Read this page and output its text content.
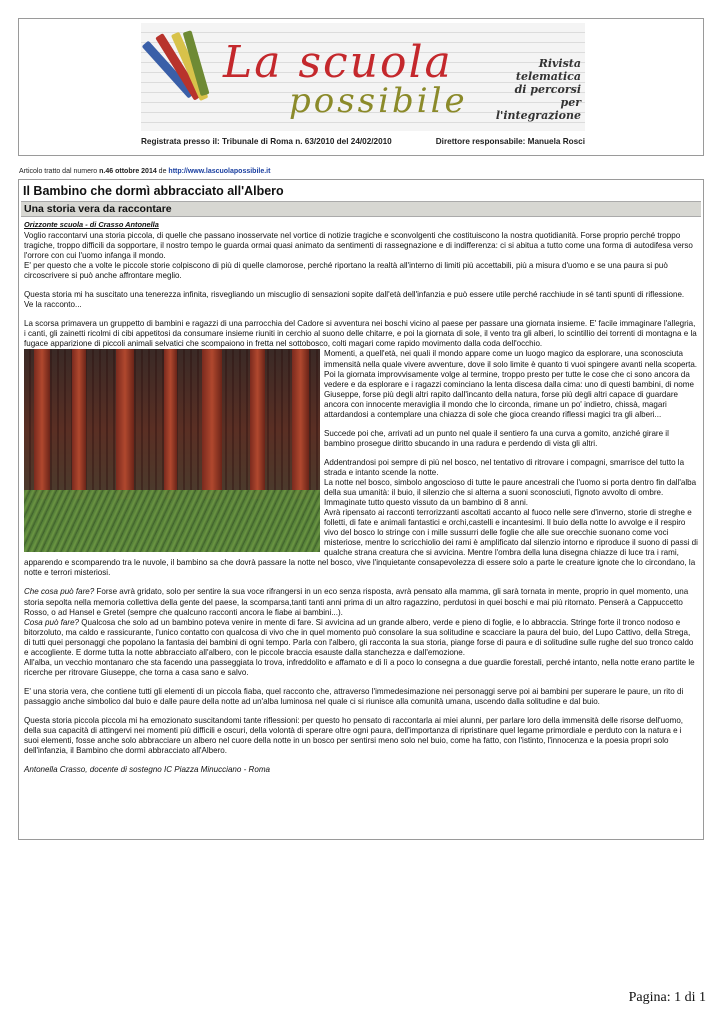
La scuola
possibile
Rivista
telematica
di percorsi
per l'integrazione
Registrata presso il: Tribunale di Roma n. 63/2010 del 24/02/2010	Direttore responsabile: Manuela Rosci
Articolo tratto dal numero n.46 ottobre 2014 de http://www.lascuolapossibile.it
Il Bambino che dormì abbracciato all'Albero
Una storia vera da raccontare
Orizzonte scuola - di Crasso Antonella

Voglio raccontarvi una storia piccola, di quelle che passano inosservate nel vortice di notizie tragiche e sconvolgenti che costituiscono la nostra quotidianità. Forse proprio perché troppo tragiche, troppo difficili da sopportare, il nostro tempo le guarda ormai quasi animato da sentimenti di rassegnazione e di indifferenza: ci si abitua a tutto come una forma di autodifesa verso l'orrore con cui l'uomo infanga il mondo.

E' per questo che a volte le piccole storie colpiscono di più di quelle clamorose, perché riportano la realtà all'interno di limiti più accettabili, più a misura d'uomo e se una paura si può circoscrivere si può anche affrontare meglio.

Questa storia mi ha suscitato una tenerezza infinita, risvegliando un miscuglio di sensazioni sopite dall'età dell'infanzia e può essere utile perché racchiude in sé tanti spunti di riflessione.

Ve la racconto...

La scorsa primavera un gruppetto di bambini e ragazzi di una parrocchia del Cadore si avventura nei boschi vicino al paese per passare una giornata insieme. E' facile immaginare l'allegria, i canti, gli zainetti ricolmi di cibi appetitosi da consumare insieme riuniti in cerchio al suono delle chitarre, e poi la giornata di sole, il vento tra gli alberi, lo scintillio dei torrenti di montagna e la fugace apparizione di piccoli animali selvatici che scompaiono in fretta nel sottobosco, colti magari come rapido movimento dalla coda dell'occhio.

Momenti, a quell'età, nei quali il mondo appare come un luogo magico da esplorare, una sconosciuta immensità nella quale vivere avventure, dove il solo limite è quanto ti vuoi spingere avanti nella scoperta.

Poi la giornata improvvisamente volge al termine, troppo presto per tutte le cose che ci sono ancora da vedere e da esplorare e i ragazzi cominciano la lenta discesa dalla cima: uno di questi bambini, di nome Giuseppe, forse più degli altri rapito dall'incanto della natura, forse più degli altri capace di guardare ancora con innocente meraviglia il mondo che lo circonda, rimane un po' indietro, chissà, magari attardandosi a contemplare una chiazza di sole che gioca creando riflessi magici tra gli alberi...

Succede poi che, arrivati ad un punto nel quale il sentiero fa una curva a gomito, anziché girare il bambino prosegue diritto sbucando in una radura e perdendo di vista gli altri.

Addentrandosi poi sempre di più nel bosco, nel tentativo di ritrovare i compagni, smarrisce del tutto la strada e intanto scende la notte.

La notte nel bosco, simbolo angoscioso di tutte le paure ancestrali che l'uomo si porta dentro fin dall'alba della sua umanità: il buio, il silenzio che si alterna a suoni sconosciuti, l'ignoto avvolto di ombre. Immaginate tutto questo vissuto da un bambino di 8 anni.

Avrà ripensato ai racconti terrorizzanti ascoltati accanto al fuoco nelle sere d'inverno, storie di streghe e folletti, di fate e animali fantastici e orchi,castelli e incantesimi. Il buio della notte lo avvolge e il respiro vivo del bosco lo stringe con i mille sussurri delle foglie che alle sue orecchie suonano come voci misteriose, mentre lo scricchiolio dei rami è amplificato dal silenzio intorno e riproduce il suono di passi di qualche strana creatura che si avvicina. Mentre l'ombra della luna disegna chiazze di luce tra i rami, apparendo e scomparendo tra le nuvole, il bambino sa che dovrà passare la notte nel bosco, vive l'inquietante consapevolezza di essere solo a parte le creature ignote che lo circondano, la notte e terrori misteriosi.

Che cosa può fare? Forse avrà gridato, solo per sentire la sua voce rifrangersi in un eco senza risposta, avrà pensato alla mamma, gli sarà tornata in mente, proprio in quel momento, una storia sepolta nella memoria collettiva della gente del paese, la scomparsa,tanti tanti anni prima di un altro ragazzino, perdutosi in quei boschi e mai più ritornato. Penserà a Cappuccetto Rosso, o ad Hansel e Gretel (sempre che qualcuno racconti ancora le fiabe ai bambini...).

Cosa può fare? Qualcosa che solo ad un bambino poteva venire in mente di fare. Si avvicina ad un grande albero, verde e pieno di foglie, e lo abbraccia. Stringe forte il tronco nodoso e bitorzoluto, ma caldo e rassicurante, l'unico contatto con qualcosa di vivo che in quel momento può consolare la sua solitudine e scacciare la paura del buio, del Lupo Cattivo, della Strega, di tutti quei personaggi che popolano la fantasia dei bambini di ogni tempo. Parla con l'albero, gli racconta la sua storia, piange forse di paura e di solitudine sulle rughe del suo tronco caldo e accogliente. E dorme tutta la notte abbracciato all'albero, con le piccole braccia esauste dalla stanchezza e dall'emozione.

All'alba, un vecchio montanaro che sta facendo una passeggiata lo trova, infreddolito e affamato e di lì a poco lo consegna a due guardie forestali, perché intanto, nella notte erano partite le ricerche per ritrovare Giuseppe, che torna a casa sano e salvo.

E' una storia vera, che contiene tutti gli elementi di un piccola fiaba, quel racconto che, attraverso l'immedesimazione nei personaggi serve poi ai bambini per superare le paure, un rito di passaggio anche simbolico dal buio e dalle paure della notte ad un'alba luminosa nel quale ci si riunisce alla comunità umana, uscendo dalla solitudine e dal buio.

Questa storia piccola piccola mi ha emozionato suscitandomi tante riflessioni: per questo ho pensato di raccontarla ai miei alunni, per parlare loro della immensità delle risorse dell'uomo, della sua capacità di attingervi nei momenti più difficili e oscuri, della volontà di sperare oltre ogni paura, dell'importanza di ripristinare quel legame primordiale e perduto con la natura e i suoi elementi, fosse anche solo abbracciare un albero nel cuore della notte in un bosco per sentirsi meno solo nel buio, come ha fatto, con l'istinto, l'innocenza e la poesia propri solo dell'infanzia, il Bambino che dormì abbracciato all'Albero.

Antonella Crasso, docente di sostegno IC Piazza Minucciano - Roma

Pagina: 1 di 1
